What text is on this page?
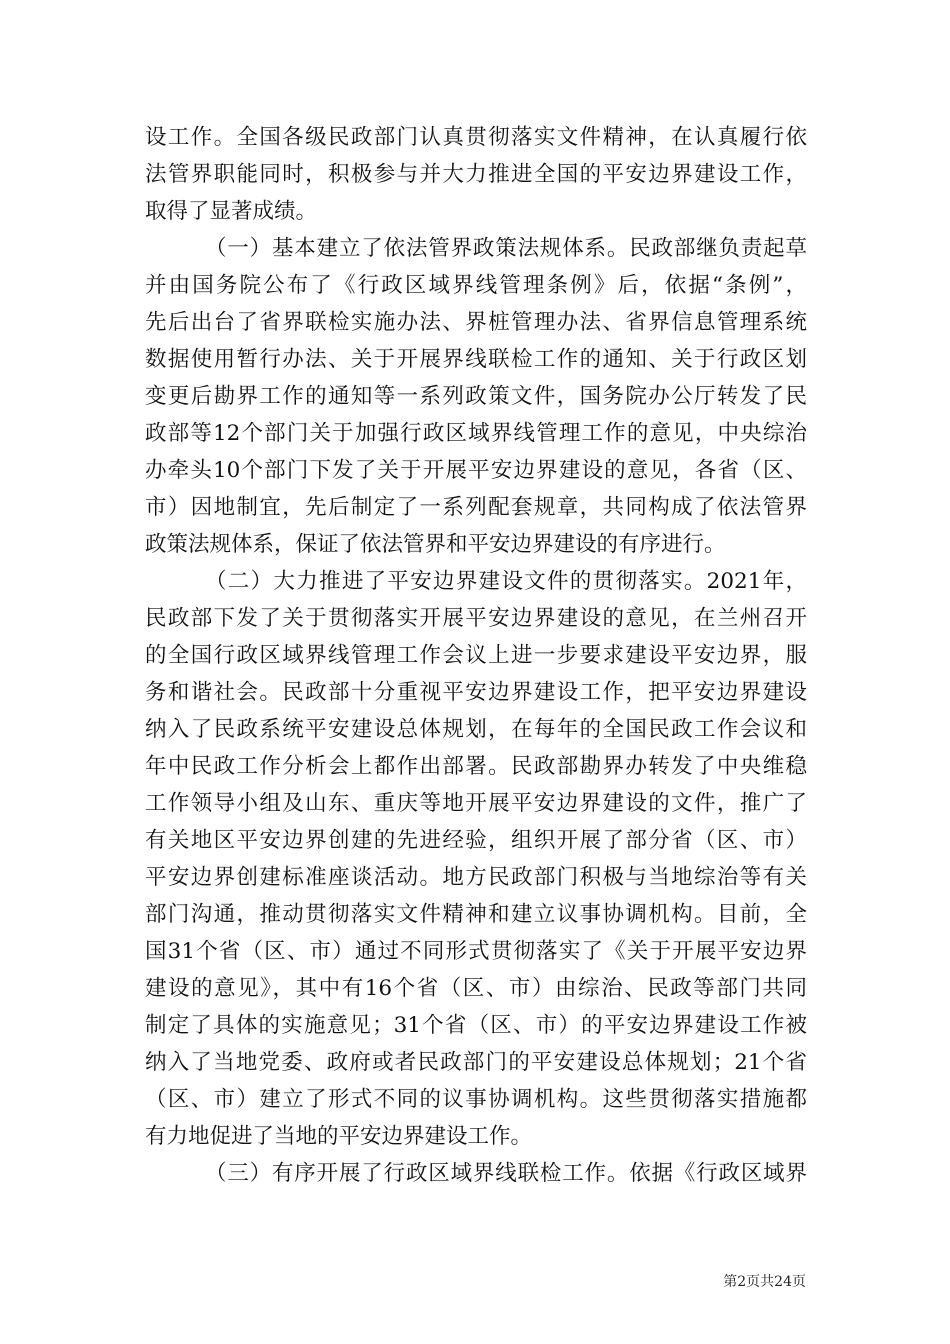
设工作。全国各级民政部门认真贯彻落实文件精神，在认真履行依
法管界职能同时，积极参与并大力推进全国的平安边界建设工作，
取得了显著成绩。
（一）基本建立了依法管界政策法规体系。民政部继负责起草
并由国务院公布了《行政区域界线管理条例》后，依据“条例”，
先后出台了省界联检实施办法、界桩管理办法、省界信息管理系统
数据使用暂行办法、关于开展界线联检工作的通知、关于行政区划
变更后勘界工作的通知等一系列政策文件，国务院办公厅转发了民
政部等12个部门关于加强行政区域界线管理工作的意见，中央综治
办牵头10个部门下发了关于开展平安边界建设的意见，各省（区、
市）因地制宜，先后制定了一系列配套规章，共同构成了依法管界
政策法规体系，保证了依法管界和平安边界建设的有序进行。
（二）大力推进了平安边界建设文件的贯彻落实。2021年，
民政部下发了关于贯彻落实开展平安边界建设的意见，在兰州召开
的全国行政区域界线管理工作会议上进一步要求建设平安边界，服
务和谐社会。民政部十分重视平安边界建设工作，把平安边界建设
纳入了民政系统平安建设总体规划，在每年的全国民政工作会议和
年中民政工作分析会上都作出部署。民政部勘界办转发了中央维稳
工作领导小组及山东、重庆等地开展平安边界建设的文件，推广了
有关地区平安边界创建的先进经验，组织开展了部分省（区、市）
平安边界创建标准座谈活动。地方民政部门积极与当地综治等有关
部门沟通，推动贯彻落实文件精神和建立议事协调机构。目前，全
国31个省（区、市）通过不同形式贯彻落实了《关于开展平安边界
建设的意见》，其中有16个省（区、市）由综治、民政等部门共同
制定了具体的实施意见；31个省（区、市）的平安边界建设工作被
纳入了当地党委、政府或者民政部门的平安建设总体规划；21个省
（区、市）建立了形式不同的议事协调机构。这些贯彻落实措施都
有力地促进了当地的平安边界建设工作。
（三）有序开展了行政区域界线联检工作。依据《行政区域界
第2页共24页
